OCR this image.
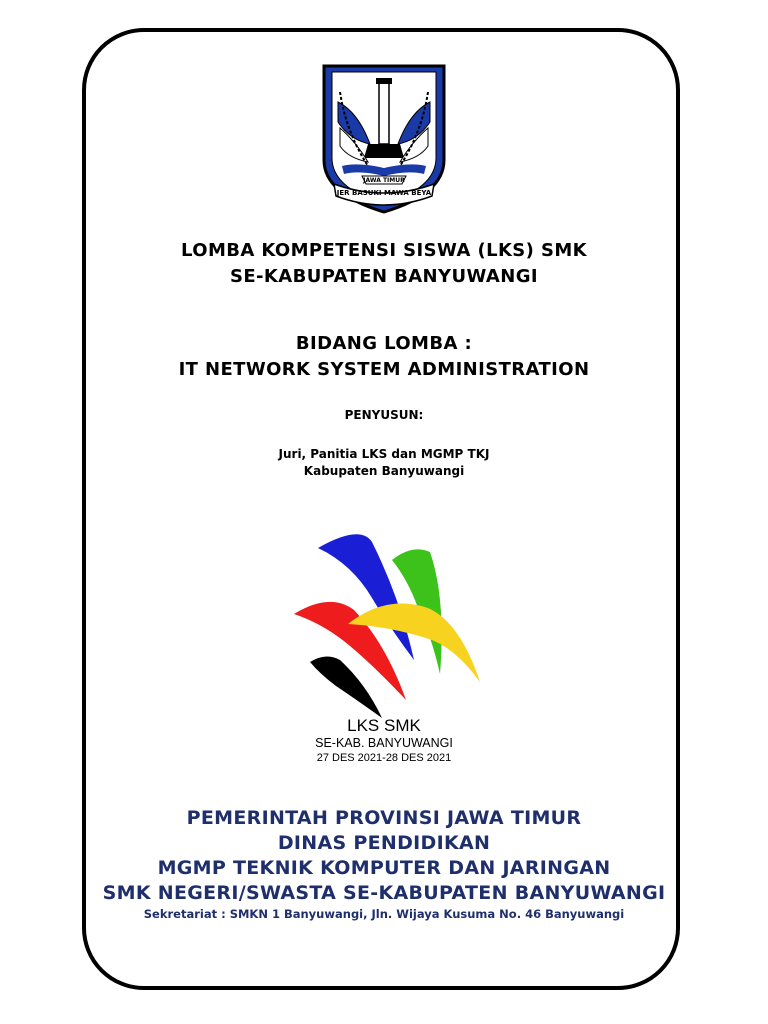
JAWA TIMUR
JER BASUKI MAWA BEYA
LOMBA KOMPETENSI SISWA (LKS) SMK
SE-KABUPATEN BANYUWANGI
BIDANG LOMBA :
IT NETWORK SYSTEM ADMINISTRATION
PENYUSUN:
Juri, Panitia LKS dan MGMP TKJ
Kabupaten Banyuwangi
LKS SMK
SE-KAB. BANYUWANGI
27 DES 2021-28 DES 2021
PEMERINTAH PROVINSI JAWA TIMUR
DINAS PENDIDIKAN
MGMP TEKNIK KOMPUTER DAN JARINGAN
SMK NEGERI/SWASTA SE-KABUPATEN BANYUWANGI
Sekretariat : SMKN 1 Banyuwangi, Jln. Wijaya Kusuma No. 46 Banyuwangi
